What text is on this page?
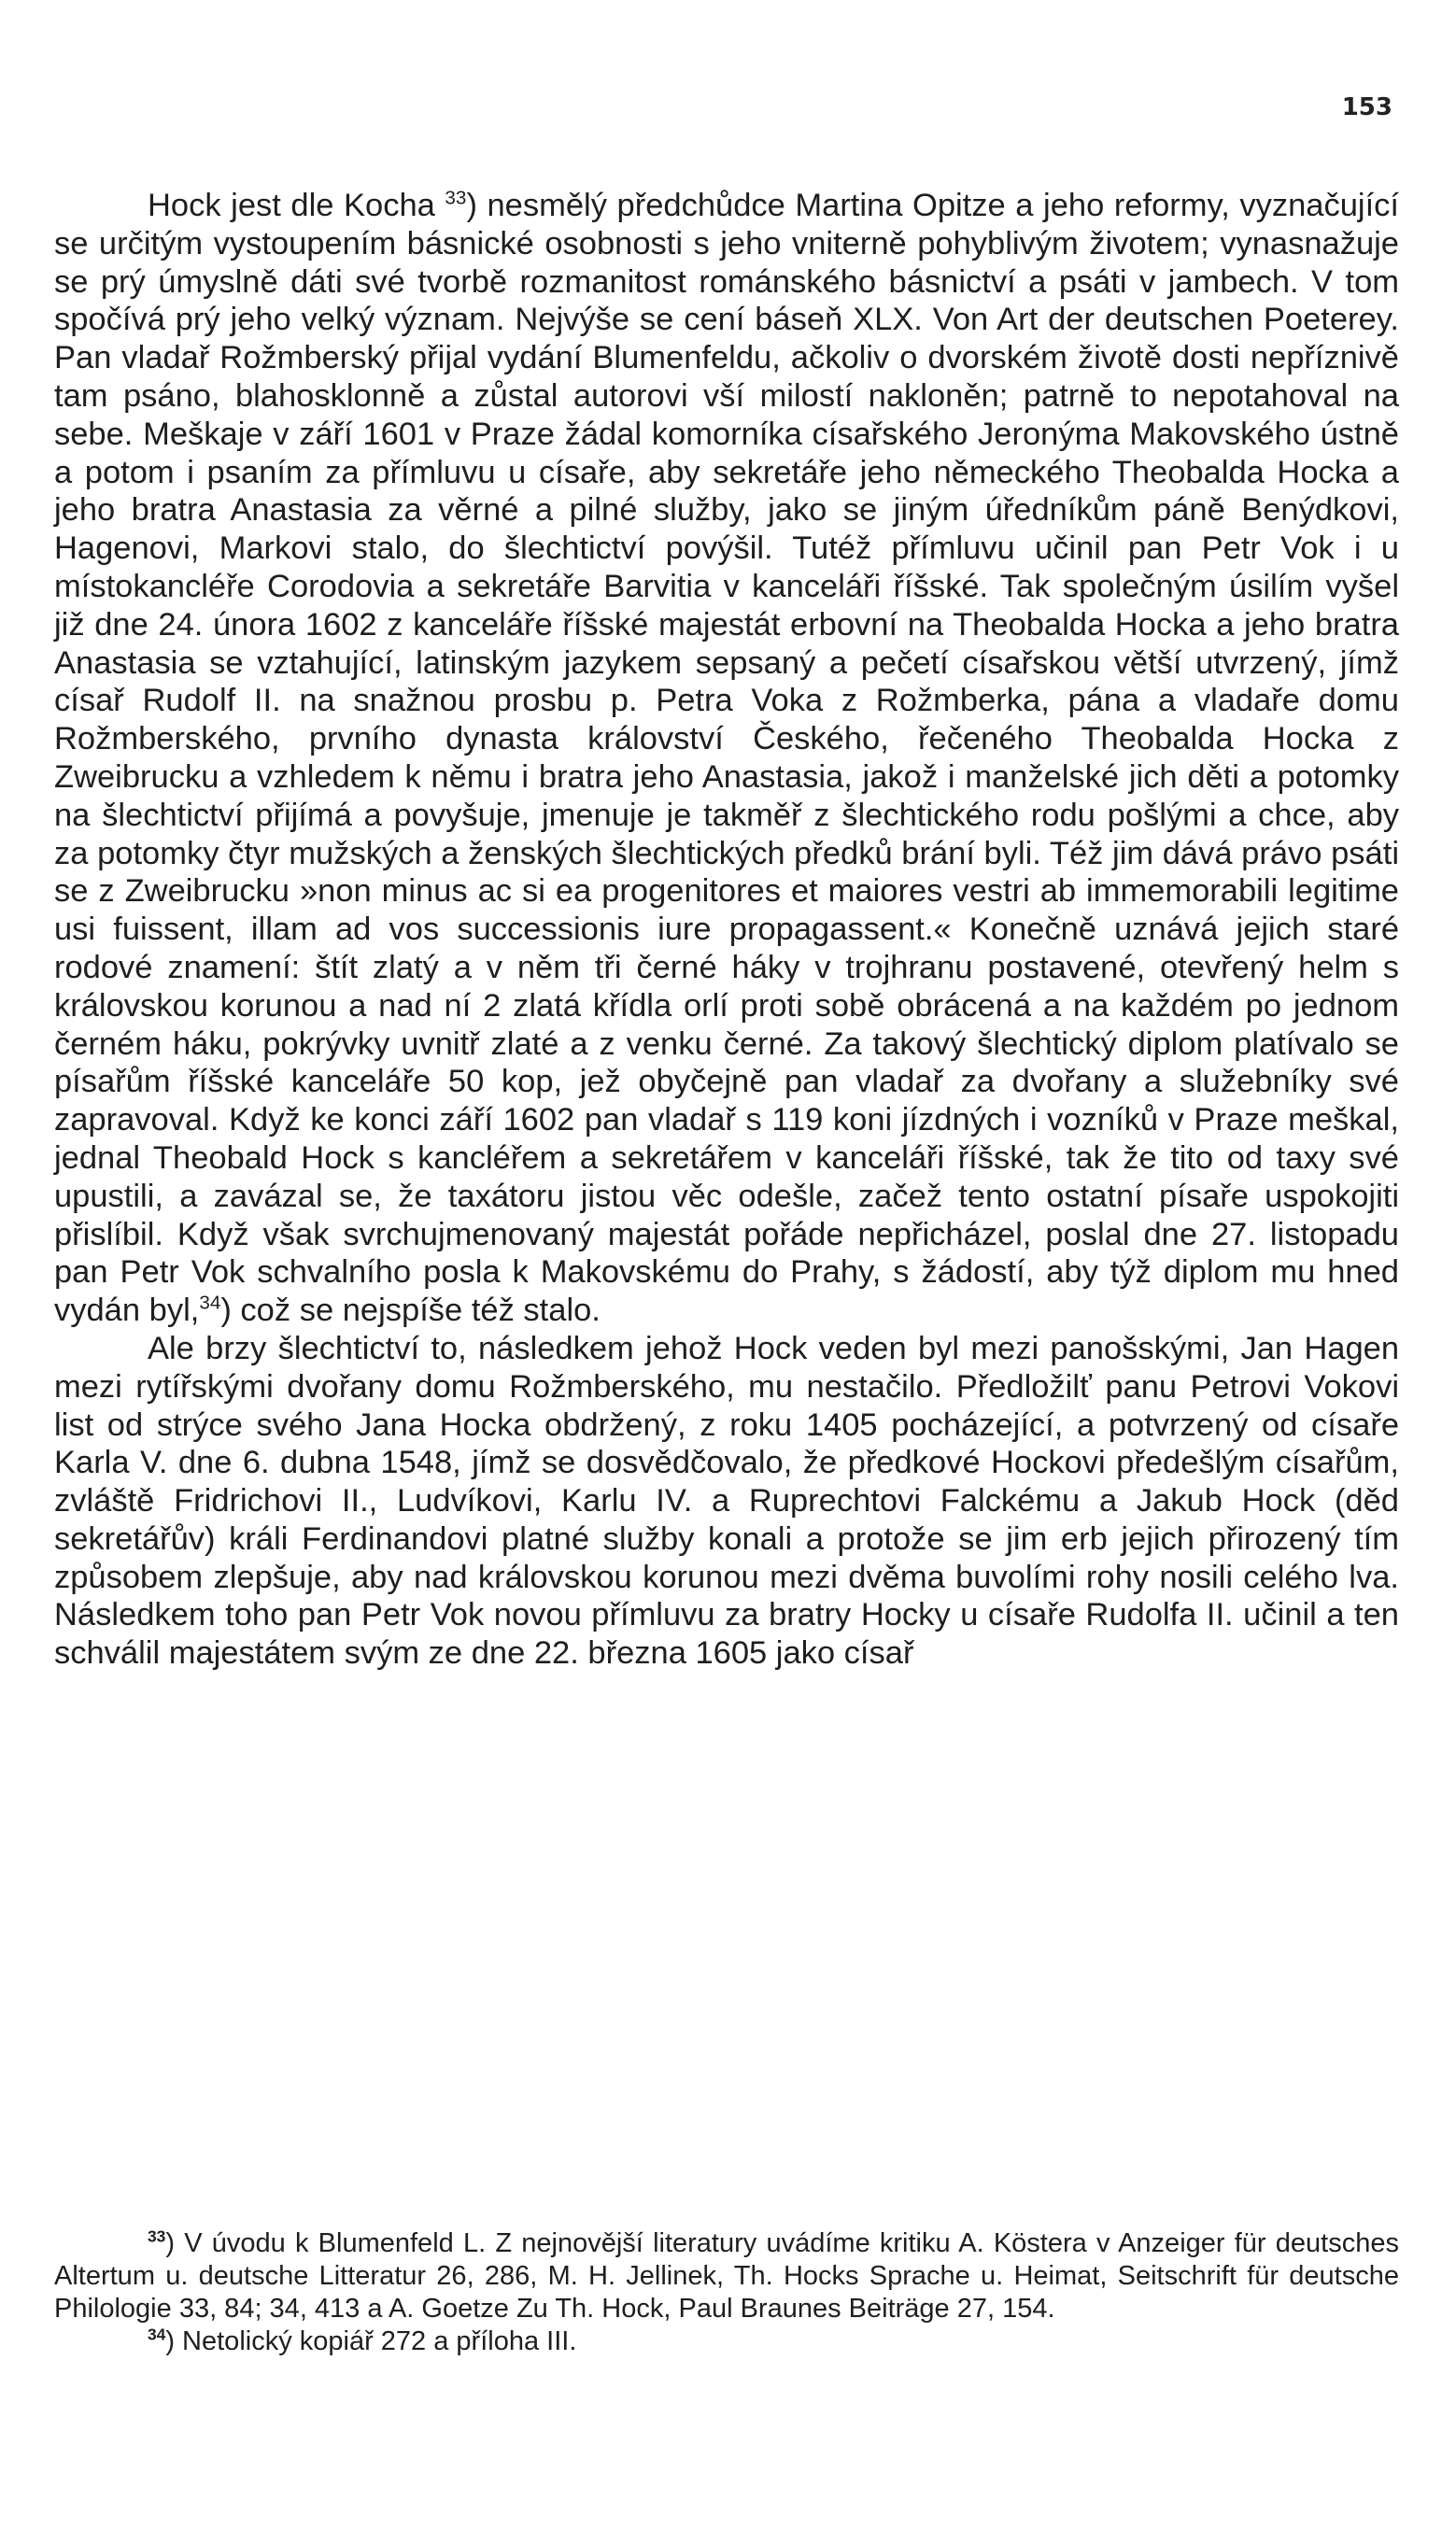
153

Hock jest dle Kocha $^{33}$) nesmělý předchůdce Martina Opitze a jeho reformy, vyznačující se určitým vystoupením básnické osobnosti s jeho vniterně pohyblivým životem; vynasnažuje se prý úmyslně dáti své tvorbě rozmanitost románského básnictví a psáti v jambech. V tom spočívá prý jeho velký význam. Nejvýše se cení báseň XLX. Von Art der deutschen Poeterey. Pan vladař Rožmberský přijal vydání Blumenfeldu, ačkoliv o dvorském životě dosti nepříznivě tam psáno, blahosklonně a zůstal autorovi vší milostí nakloněn; patrně to nepotahoval na sebe. Meškaje v září 1601 v Praze žádal komorníka císařského Jeronýma Makovského ústně a potom i psaním za přímluvu u císaře, aby sekretáře jeho německého Theobalda Hocka a jeho bratra Anastasia za věrné a pilné služby, jako se jiným úředníkům páně Benýdkovi, Hagenovi, Markovi stalo, do šlechtictví povýšil. Tutéž přímluvu učinil pan Petr Vok i u místokancléře Corodovia a sekretáře Barvitia v kanceláři říšské. Tak společným úsilím vyšel již dne 24. února 1602 z kanceláře říšské majestát erbovní na Theobalda Hocka a jeho bratra Anastasia se vztahující, latinským jazykem sepsaný a pečetí císařskou větší utvrzený, jímž císař Rudolf II. na snažnou prosbu p. Petra Voka z Rožmberka, pána a vladaře domu Rožmberského, prvního dynasta království Českého, řečeného Theobalda Hocka z Zweibrucku a vzhledem k němu i bratra jeho Anastasia, jakož i manželské jich děti a potomky na šlechtictví přijímá a povyšuje, jmenuje je takměř z šlechtického rodu pošlými a chce, aby za potomky čtyr mužských a ženských šlechtických předků brání byli. Též jim dává právo psáti se z Zweibrucku »non minus ac si ea progenitores et maiores vestri ab immemorabili legitime usi fuissent, illam ad vos successionis iure propagassent.« Konečně uznává jejich staré rodové znamení: štít zlatý a v něm tři černé háky v trojhranu postavené, otevřený helm s královskou korunou a nad ní 2 zlatá křídla orlí proti sobě obrácená a na každém po jednom černém háku, pokrývky uvnitř zlaté a z venku černé. Za takový šlechtický diplom platívalo se písařům říšské kanceláře 50 kop, jež obyčejně pan vladař za dvořany a služebníky své zapravoval. Když ke konci září 1602 pan vladař s 119 koni jízdných i vozníků v Praze meškal, jednal Theobald Hock s kancléřem a sekretářem v kanceláři říšské, tak že tito od taxy své upustili, a zavázal se, že taxátoru jistou věc odešle, začež tento ostatní písaře uspokojiti přislíbil. Když však svrchujmenovaný majestát pořáde nepřicházel, poslal dne 27. listopadu pan Petr Vok schvalního posla k Makovskému do Prahy, s žádostí, aby týž diplom mu hned vydán byl,$^{34}$) což se nejspíše též stalo.

Ale brzy šlechtictví to, následkem jehož Hock veden byl mezi panošskými, Jan Hagen mezi rytířskými dvořany domu Rožmberského, mu nestačilo. Předložilť panu Petrovi Vokovi list od strýce svého Jana Hocka obdržený, z roku 1405 pocházející, a potvrzený od císaře Karla V. dne 6. dubna 1548, jímž se dosvědčovalo, že předkové Hockovi předešlým císařům, zvláště Fridrichovi II., Ludvíkovi, Karlu IV. a Ruprechtovi Falckému a Jakub Hock (děd sekretářův) králi Ferdinandovi platné služby konali a protože se jim erb jejich přirozený tím způsobem zlepšuje, aby nad královskou korunou mezi dvěma buvolími rohy nosili celého lva. Následkem toho pan Petr Vok novou přímluvu za bratry Hocky u císaře Rudolfa II. učinil a ten schválil majestátem svým ze dne 22. března 1605 jako císař

$^{33}$) V úvodu k Blumenfeld L. Z nejnovější literatury uvádíme kritiku A. Köstera v Anzeiger für deutsches Altertum u. deutsche Litteratur 26, 286, M. H. Jellinek, Th. Hocks Sprache u. Heimat, Seitschrift für deutsche Philologie 33, 84; 34, 413 a A. Goetze Zu Th. Hock, Paul Braunes Beiträge 27, 154.

$^{34}$) Netolický kopiář 272 a příloha III.
